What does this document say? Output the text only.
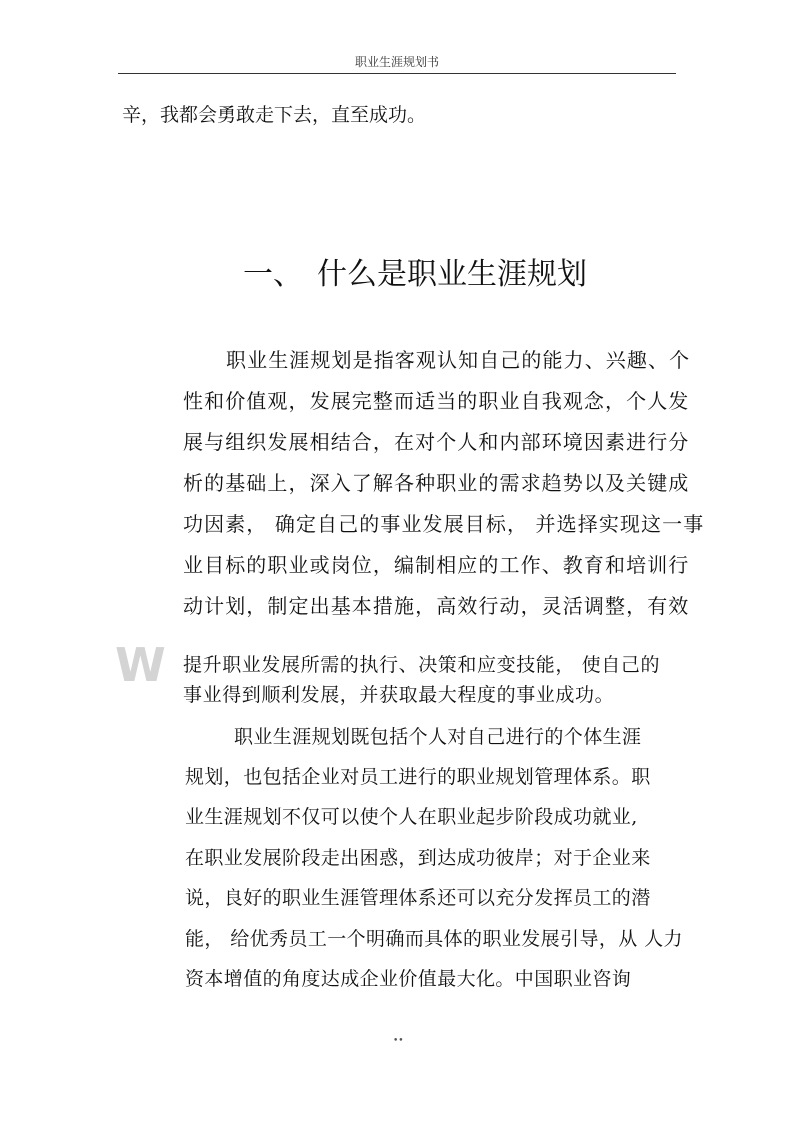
职业生涯规划书
辛，我都会勇敢走下去，直至成功。
一、 什么是职业生涯规划
职业生涯规划是指客观认知自己的能力、兴趣、个
性和价值观，发展完整而适当的职业自我观念，个人发
展与组织发展相结合，在对个人和内部环境因素进行分
析的基础上，深入了解各种职业的需求趋势以及关键成
功因素， 确定自己的事业发展目标， 并选择实现这一事
业目标的职业或岗位，编制相应的工作、教育和培训行
动计划，制定出基本措施，高效行动，灵活调整，有效
W 提升职业发展所需的执行、决策和应变技能， 使自己的
事业得到顺利发展，并获取最大程度的事业成功。
职业生涯规划既包括个人对自己进行的个体生涯
规划，也包括企业对员工进行的职业规划管理体系。职
业生涯规划不仅可以使个人在职业起步阶段成功就业,
在职业发展阶段走出困惑，到达成功彼岸；对于企业来
说，良好的职业生涯管理体系还可以充分发挥员工的潜
能， 给优秀员工一个明确而具体的职业发展引导，从 人力
资本增值的角度达成企业价值最大化。中国职业咨询
••
